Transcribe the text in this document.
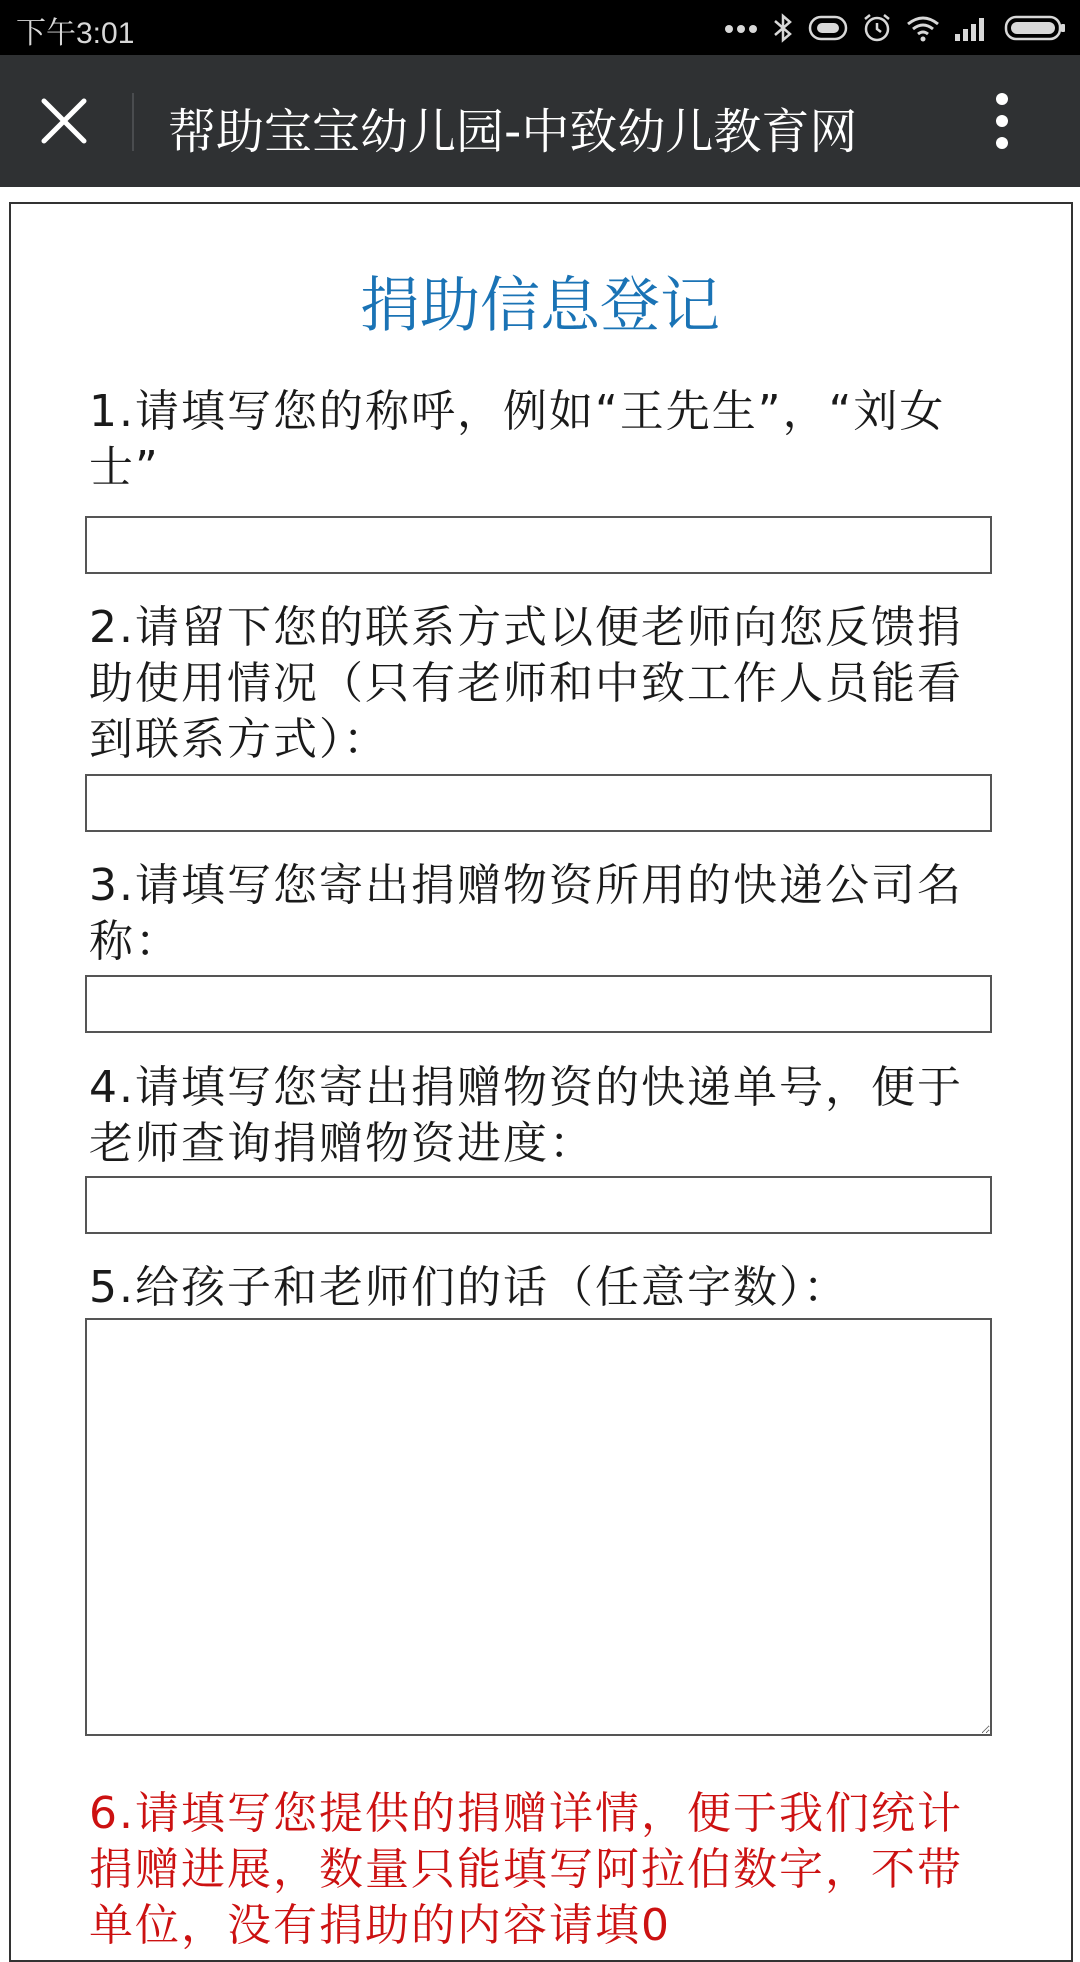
下午3:01
帮助宝宝幼儿园-中致幼儿教育网
捐助信息登记
1.请填写您的称呼，例如“王先生”，“刘女士”
2.请留下您的联系方式以便老师向您反馈捐助使用情况（只有老师和中致工作人员能看到联系方式）：
3.请填写您寄出捐赠物资所用的快递公司名称：
4.请填写您寄出捐赠物资的快递单号，便于老师查询捐赠物资进度：
5.给孩子和老师们的话（任意字数）：
6.请填写您提供的捐赠详情，便于我们统计捐赠进展，数量只能填写阿拉伯数字，不带单位，没有捐助的内容请填0
